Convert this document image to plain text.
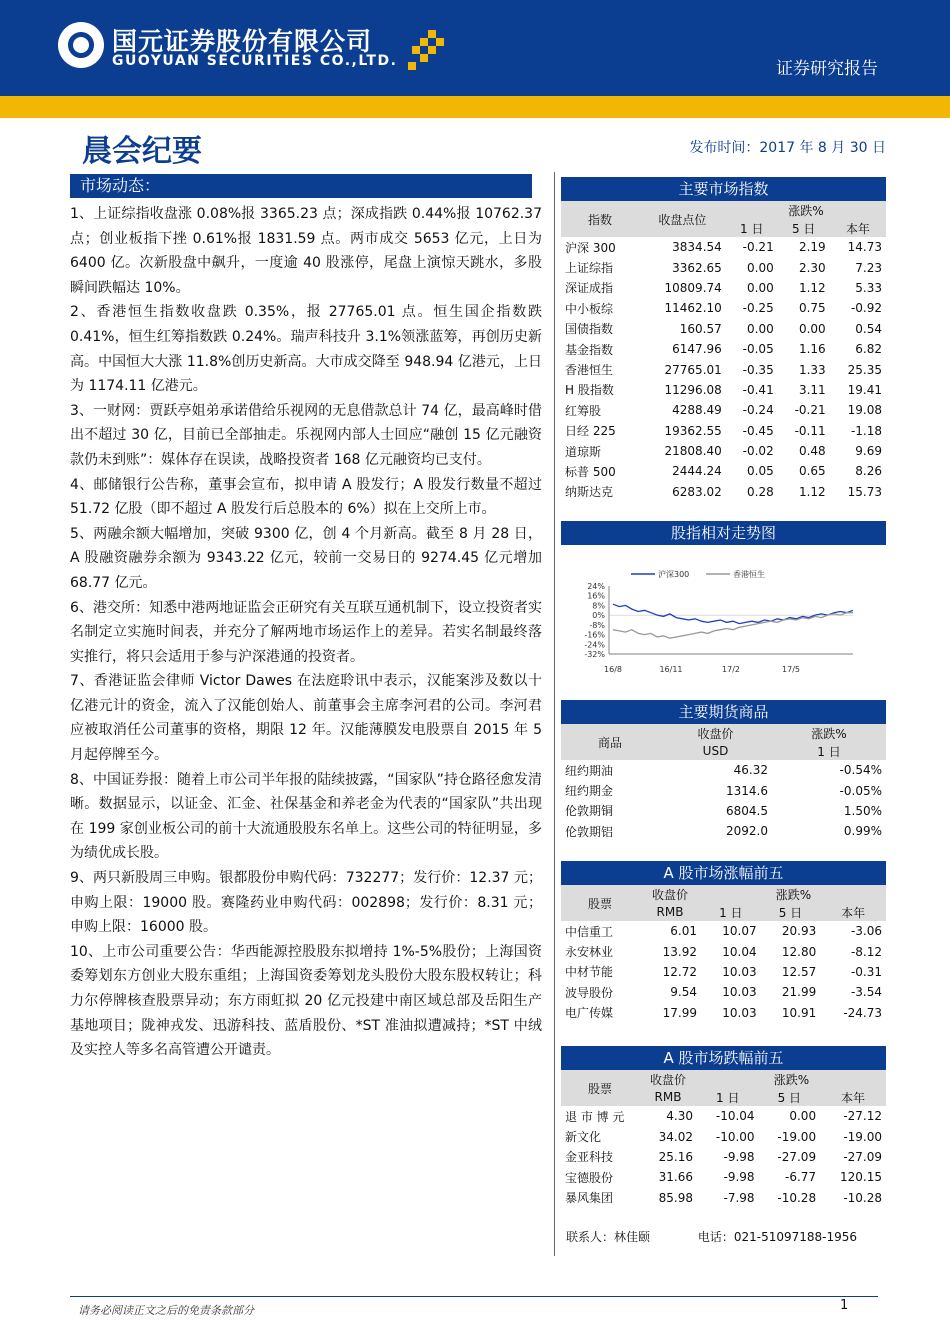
国元证券股份有限公司
GUOYUAN SECURITIES CO.,LTD.	证券研究报告
晨会纪要	发布时间：2017 年 8 月 30 日
市场动态：

1、上证综指收盘涨 0.08%报 3365.23 点；深成指跌 0.44%报 10762.37 点；创业板指下挫 0.61%报 1831.59 点。两市成交 5653 亿元，上日为 6400 亿。次新股盘中飙升，一度逾 40 股涨停，尾盘上演惊天跳水，多股瞬间跌幅达 10%。

2、香港恒生指数收盘跌 0.35%，报 27765.01 点。恒生国企指数跌 0.41%，恒生红筹指数跌 0.24%。瑞声科技升 3.1%领涨蓝筹，再创历史新高。中国恒大大涨 11.8%创历史新高。大市成交降至 948.94 亿港元，上日为 1174.11 亿港元。

3、一财网：贾跃亭姐弟承诺借给乐视网的无息借款总计 74 亿，最高峰时借出不超过 30 亿，目前已全部抽走。乐视网内部人士回应“融创 15 亿元融资款仍未到账”：媒体存在误读，战略投资者 168 亿元融资均已支付。

4、邮储银行公告称，董事会宣布，拟申请 A 股发行；A 股发行数量不超过 51.72 亿股（即不超过 A 股发行后总股本的 6%）拟在上交所上市。

5、两融余额大幅增加，突破 9300 亿，创 4 个月新高。截至 8 月 28 日，A 股融资融券余额为 9343.22 亿元，较前一交易日的 9274.45 亿元增加 68.77 亿元。

6、港交所：知悉中港两地证监会正研究有关互联互通机制下，设立投资者实名制定立实施时间表，并充分了解两地市场运作上的差异。若实名制最终落实推行，将只会适用于参与沪深港通的投资者。

7、香港证监会律师 Victor Dawes 在法庭聆讯中表示，汉能案涉及数以十亿港元计的资金，流入了汉能创始人、前董事会主席李河君的公司。李河君应被取消任公司董事的资格，期限 12 年。汉能薄膜发电股票自 2015 年 5 月起停牌至今。

8、中国证券报：随着上市公司半年报的陆续披露，“国家队”持仓路径愈发清晰。数据显示，以证金、汇金、社保基金和养老金为代表的“国家队”共出现在 199 家创业板公司的前十大流通股股东名单上。这些公司的特征明显，多为绩优成长股。

9、两只新股周三申购。银都股份申购代码：732277；发行价：12.37 元；申购上限：19000 股。赛隆药业申购代码：002898；发行价：8.31 元；申购上限：16000 股。

10、上市公司重要公告：华西能源控股股东拟增持 1%-5%股份；上海国资委筹划东方创业大股东重组；上海国资委筹划龙头股份大股东股权转让；科力尔停牌核查股票异动；东方雨虹拟 20 亿元投建中南区域总部及岳阳生产基地项目；陇神戎发、迅游科技、蓝盾股份、*ST 准油拟遭减持；*ST 中绒及实控人等多名高管遭公开谴责。

主要市场指数
指数	收盘点位	涨跌%		
		1 日	5 日	本年
沪深 300	3834.54	-0.21	2.19	14.73
上证综指	3362.65	0.00	2.30	7.23
深证成指	10809.74	0.00	1.12	5.33
中小板综	11462.10	-0.25	0.75	-0.92
国债指数	160.57	0.00	0.00	0.54
基金指数	6147.96	-0.05	1.16	6.82
香港恒生	27765.01	-0.35	1.33	25.35
H 股指数	11296.08	-0.41	3.11	19.41
红筹股	4288.49	-0.24	-0.21	19.08
日经 225	19362.55	-0.45	-0.11	-1.18
道琼斯	21808.40	-0.02	0.48	9.69
标普 500	2444.24	0.05	0.65	8.26
纳斯达克	6283.02	0.28	1.12	15.73
股指相对走势图
沪深300	香港恒生
24%
16%
8%
0%
-8%
-16%
-24%
-32%
16/8	16/11	17/2	17/5
主要期货商品
商品	收盘价	涨跌%
	USD	1 日
纽约期油	46.32	-0.54%
纽约期金	1314.6	-0.05%
伦敦期铜	6804.5	1.50%
伦敦期铝	2092.0	0.99%
A 股市场涨幅前五
股票	收盘价	涨跌%		
	RMB	1 日	5 日	本年
中信重工	6.01	10.07	20.93	-3.06
永安林业	13.92	10.04	12.80	-8.12
中材节能	12.72	10.03	12.57	-0.31
波导股份	9.54	10.03	21.99	-3.54
电广传媒	17.99	10.03	10.91	-24.73
A 股市场跌幅前五
股票	收盘价	涨跌%		
	RMB	1 日	5 日	本年
退 市 博 元	4.30	-10.04	0.00	-27.12
新文化	34.02	-10.00	-19.00	-19.00
金亚科技	25.16	-9.98	-27.09	-27.09
宝德股份	31.66	-9.98	-6.77	120.15
暴风集团	85.98	-7.98	-10.28	-10.28
联系人：林佳颐	电话：021-51097188-1956
请务必阅读正文之后的免责条款部分	1
